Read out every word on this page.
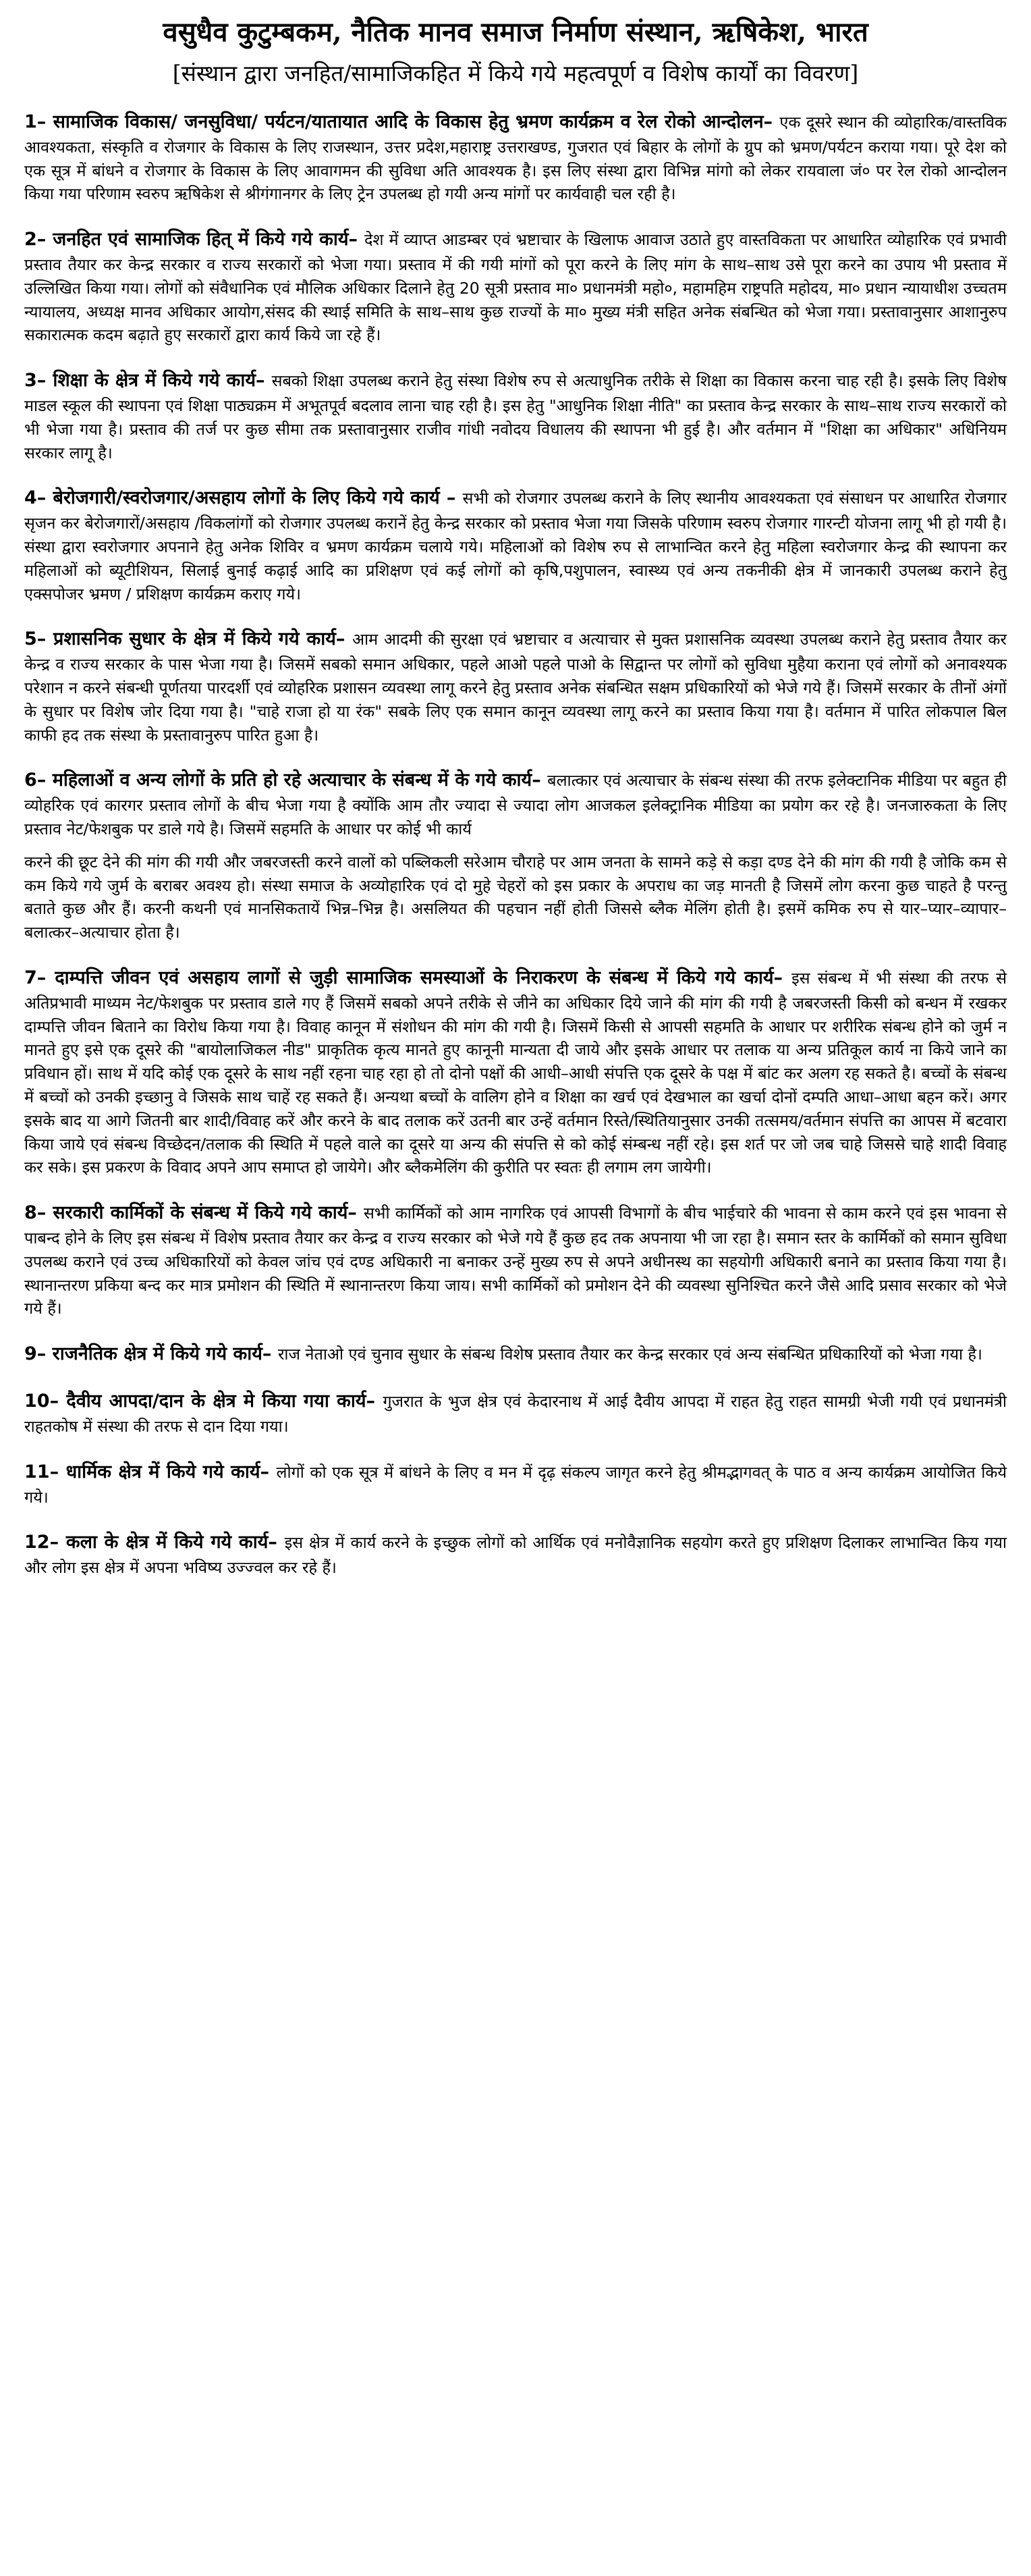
वसुधैव कुटुम्बकम, नैतिक मानव समाज निर्माण संस्थान, ऋषिकेश, भारत
[संस्थान द्वारा जनहित/सामाजिकहित में किये गये महत्वपूर्ण व विशेष कार्यों का विवरण]
1– सामाजिक विकास/ जनसुविधा/ पर्यटन/यातायात आदि के विकास हेतु भ्रमण कार्यक्रम व रेल रोको आन्दोलन– एक दूसरे स्थान की व्योहारिक/वास्तविक आवश्यकता, संस्कृति व रोजगार के विकास के लिए राजस्थान, उत्तर प्रदेश,महाराष्ट्र उत्तराखण्ड, गुजरात एवं बिहार के लोगों के ग्रुप को भ्रमण/पर्यटन कराया गया। पूरे देश को एक सूत्र में बांधने व रोजगार के विकास के लिए आवागमन की सुविधा अति आवश्यक है। इस लिए संस्था द्वारा विभिन्न मांगो को लेकर रायवाला जं० पर रेल रोको आन्दोलन किया गया परिणाम स्वरुप ऋषिकेश से श्रीगंगानगर के लिए ट्रेन उपलब्ध हो गयी अन्य मांगों पर कार्यवाही चल रही है।
2– जनहित एवं सामाजिक हित् में किये गये कार्य– देश में व्याप्त आडम्बर एवं भ्रष्टाचार के खिलाफ आवाज उठाते हुए वास्तविकता पर आधारित व्योहारिक एवं प्रभावी प्रस्ताव तैयार कर केन्द्र सरकार व राज्य सरकारों को भेजा गया। प्रस्ताव में की गयी मांगों को पूरा करने के लिए मांग के साथ–साथ उसे पूरा करने का उपाय भी प्रस्ताव में उल्लिखित किया गया। लोगों को संवैधानिक एवं मौलिक अधिकार दिलाने हेतु 20 सूत्री प्रस्ताव मा० प्रधानमंत्री महो०, महामहिम राष्ट्रपति महोदय, मा० प्रधान न्यायाधीश उच्चतम न्यायालय, अध्यक्ष मानव अधिकार आयोग,संसद की स्थाई समिति के साथ–साथ कुछ राज्यों के मा० मुख्य मंत्री सहित अनेक संबन्धित को भेजा गया। प्रस्तावानुसार आशानुरुप सकारात्मक कदम बढ़ाते हुए सरकारों द्वारा कार्य किये जा रहे हैं।
3– शिक्षा के क्षेत्र में किये गये कार्य– सबको शिक्षा उपलब्ध कराने हेतु संस्था विशेष रुप से अत्याधुनिक तरीके से शिक्षा का विकास करना चाह रही है। इसके लिए विशेष माडल स्कूल की स्थापना एवं शिक्षा पाठ्यक्रम में अभूतपूर्व बदलाव लाना चाह रही है। इस हेतु "आधुनिक शिक्षा नीति" का प्रस्ताव केन्द्र सरकार के साथ–साथ राज्य सरकारों को भी भेजा गया है। प्रस्ताव की तर्ज पर कुछ सीमा तक प्रस्तावानुसार राजीव गांधी नवोदय विधालय की स्थापना भी हुई है। और वर्तमान में "शिक्षा का अधिकार" अधिनियम सरकार लागू है।
4– बेरोजगारी/स्वरोजगार/असहाय लोगों के लिए किये गये कार्य – सभी को रोजगार उपलब्ध कराने के लिए स्थानीय आवश्यकता एवं संसाधन पर आधारित रोजगार सृजन कर बेरोजगारों/असहाय /विकलांगों को रोजगार उपलब्ध करानें हेतु केन्द्र सरकार को प्रस्ताव भेजा गया जिसके परिणाम स्वरुप रोजगार गारन्टी योजना लागू भी हो गयी है। संस्था द्वारा स्वरोजगार अपनाने हेतु अनेक शिविर व भ्रमण कार्यक्रम चलाये गये। महिलाओं को विशेष रुप से लाभान्वित करने हेतु महिला स्वरोजगार केन्द्र की स्थापना कर महिलाओं को ब्यूटीशियन, सिलाई बुनाई कढ़ाई आदि का प्रशिक्षण एवं कई लोगों को कृषि,पशुपालन, स्वास्थ्य एवं अन्य तकनीकी क्षेत्र में जानकारी उपलब्ध कराने हेतु एक्सपोजर भ्रमण / प्रशिक्षण कार्यक्रम कराए गये।
5– प्रशासनिक सुधार के क्षेत्र में किये गये कार्य– आम आदमी की सुरक्षा एवं भ्रष्टाचार व अत्याचार से मुक्त प्रशासनिक व्यवस्था उपलब्ध कराने हेतु प्रस्ताव तैयार कर केन्द्र व राज्य सरकार के पास भेजा गया है। जिसमें सबको समान अधिकार, पहले आओ पहले पाओ के सिद्वान्त पर लोगों को सुविधा मुहैया कराना एवं लोगों को अनावश्यक परेशान न करने संबन्धी पूर्णतया पारदर्शी एवं व्योहरिक प्रशासन व्यवस्था लागू करने हेतु प्रस्ताव अनेक संबन्धित सक्षम प्रधिकारियों को भेजे गये हैं। जिसमें सरकार के तीनों अंगों के सुधार पर विशेष जोर दिया गया है। "चाहे राजा हो या रंक" सबके लिए एक समान कानून व्यवस्था लागू करने का प्रस्ताव किया गया है। वर्तमान में पारित लोकपाल बिल काफी हद तक संस्था के प्रस्तावानुरुप पारित हुआ है।
6– महिलाओं व अन्य लोगों के प्रति हो रहे अत्याचार के संबन्ध में के गये कार्य– बलात्कार एवं अत्याचार के संबन्ध संस्था की तरफ इलेक्टानिक मीडिया पर बहुत ही व्योहरिक एवं कारगर प्रस्ताव लोगों के बीच भेजा गया है क्योंकि आम तौर ज्यादा से ज्यादा लोग आजकल इलेक्ट्रानिक मीडिया का प्रयोग कर रहे है। जनजारुकता के लिए प्रस्ताव नेट/फेशबुक पर डाले गये है। जिसमें सहमति के आधार पर कोई भी कार्य
करने की छूट देने की मांग की गयी और जबरजस्ती करने वालों को पब्लिकली सरेआम चौराहे पर आम जनता के सामने कड़े से कड़ा दण्ड देने की मांग की गयी है जोकि कम से कम किये गये जुर्म के बराबर अवश्य हो। संस्था समाज के अव्योहारिक एवं दो मुहे चेहरों को इस प्रकार के अपराध का जड़ मानती है जिसमें लोग करना कुछ चाहते है परन्तु बताते कुछ और हैं। करनी कथनी एवं मानसिकतायें भिन्न–भिन्न है। असलियत की पहचान नहीं होती जिससे ब्लैक मेलिंग होती है। इसमें कमिक रुप से यार–प्यार–व्यापार–बलात्कर–अत्याचार होता है।
7– दाम्पत्ति जीवन एवं असहाय लागों से जुड़ी सामाजिक समस्याओं के निराकरण के संबन्ध में किये गये कार्य– इस संबन्ध में भी संस्था की तरफ से अतिप्रभावी माध्यम नेट/फेशबुक पर प्रस्ताव डाले गए हैं जिसमें सबको अपने तरीके से जीने का अधिकार दिये जाने की मांग की गयी है जबरजस्ती किसी को बन्धन में रखकर दाम्पत्ति जीवन बिताने का विरोध किया गया है। विवाह कानून में संशोधन की मांग की गयी है। जिसमें किसी से आपसी सहमति के आधार पर शरीरिक संबन्ध होने को जुर्म न मानते हुए इसे एक दूसरे की "बायोलाजिकल नीड" प्राकृतिक कृत्य मानते हुए कानूनी मान्यता दी जाये और इसके आधार पर तलाक या अन्य प्रतिकूल कार्य ना किये जाने का प्रविधान हों। साथ में यदि कोई एक दूसरे के साथ नहीं रहना चाह रहा हो तो दोनो पक्षों की आधी–आधी संपत्ति एक दूसरे के पक्ष में बांट कर अलग रह सकते है। बच्चों के संबन्ध में बच्चों को उनकी इच्छानु वे जिसके साथ चाहें रह सकते हैं। अन्यथा बच्चों के वालिग होने व शिक्षा का खर्च एवं देखभाल का खर्चा दोनों दम्पति आधा–आधा बहन करें। अगर इसके बाद या आगे जितनी बार शादी/विवाह करें और करने के बाद तलाक करें उतनी बार उन्हें वर्तमान रिस्ते/स्थितियानुसार उनकी तत्समय/वर्तमान संपत्ति का आपस में बटवारा किया जाये एवं संबन्ध विच्छेदन/तलाक की स्थिति में पहले वाले का दूसरे या अन्य की संपत्ति से को कोई संम्बन्ध नहीं रहे। इस शर्त पर जो जब चाहे जिससे चाहे शादी विवाह कर सके। इस प्रकरण के विवाद अपने आप समाप्त हो जायेगे। और ब्लैकमेलिंग की कुरीति पर स्वतः ही लगाम लग जायेगी।
8– सरकारी कार्मिकों के संबन्ध में किये गये कार्य– सभी कार्मिकों को आम नागरिक एवं आपसी विभागों के बीच भाईचारे की भावना से काम करने एवं इस भावना से पाबन्द होने के लिए इस संबन्ध में विशेष प्रस्ताव तैयार कर केन्द्र व राज्य सरकार को भेजे गये हैं कुछ हद तक अपनाया भी जा रहा है। समान स्तर के कार्मिकों को समान सुविधा उपलब्ध कराने एवं उच्च अधिकारियों को केवल जांच एवं दण्ड अधिकारी ना बनाकर उन्हें मुख्य रुप से अपने अधीनस्थ का सहयोगी अधिकारी बनाने का प्रस्ताव किया गया है। स्थानान्तरण प्रकिया बन्द कर मात्र प्रमोशन की स्थिति में स्थानान्तरण किया जाय। सभी कार्मिकों को प्रमोशन देने की व्यवस्था सुनिश्चित करने जैसे आदि प्रसाव सरकार को भेजे गये हैं।
9– राजनैतिक क्षेत्र में किये गये कार्य– राज नेताओ एवं चुनाव सुधार के संबन्ध विशेष प्रस्ताव तैयार कर केन्द्र सरकार एवं अन्य संबन्धित प्रधिकारियों को भेजा गया है।
10– दैवीय आपदा/दान के क्षेत्र मे किया गया कार्य– गुजरात के भुज क्षेत्र एवं केदारनाथ में आई दैवीय आपदा में राहत हेतु राहत सामग्री भेजी गयी एवं प्रधानमंत्री राहतकोष में संस्था की तरफ से दान दिया गया।
11– धार्मिक क्षेत्र में किये गये कार्य– लोगों को एक सूत्र में बांधने के लिए व मन में दृढ़ संकल्प जागृत करने हेतु श्रीमद्भागवत् के पाठ व अन्य कार्यक्रम आयोजित किये गये।
12– कला के क्षेत्र में किये गये कार्य– इस क्षेत्र में कार्य करने के इच्छुक लोगों को आर्थिक एवं मनोवैज्ञानिक सहयोग करते हुए प्रशिक्षण दिलाकर लाभान्वित किय गया और लोग इस क्षेत्र में अपना भविष्य उज्ज्वल कर रहे हैं।
